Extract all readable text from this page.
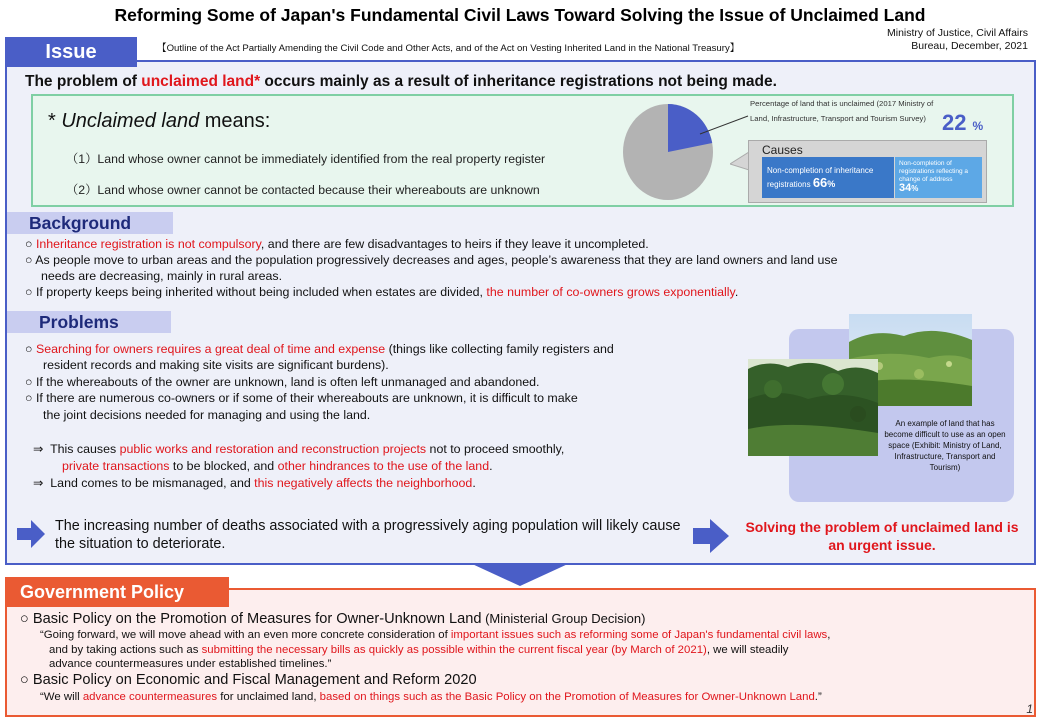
Reforming Some of Japan's Fundamental Civil Laws Toward Solving the Issue of Unclaimed Land
Ministry of Justice, Civil Affairs
Bureau, December, 2021
【Outline of the Act Partially Amending the Civil Code and Other Acts, and of the Act on Vesting Inherited Land in the National Treasury】
Issue
The problem of unclaimed land* occurs mainly as a result of inheritance registrations not being made.
* Unclaimed land means:
（1）Land whose owner cannot be immediately identified from the real property register
（2）Land whose owner cannot be contacted because their whereabouts are unknown
Percentage of land that is unclaimed (2017 Ministry of Land, Infrastructure, Transport and Tourism Survey) 22 %
Causes
Non-completion of inheritance registrations 66%
Non-completion of registrations reflecting a change of address
34%
Background
○ Inheritance registration is not compulsory, and there are few disadvantages to heirs if they leave it uncompleted.
○ As people move to urban areas and the population progressively decreases and ages, people’s awareness that they are land owners and land use
needs are decreasing, mainly in rural areas.
○ If property keeps being inherited without being included when estates are divided, the number of co-owners grows exponentially.
Problems
An example of land that has become difficult to use as an open space (Exhibit: Ministry of Land, Infrastructure, Transport and Tourism)
○ Searching for owners requires a great deal of time and expense (things like collecting family registers and
resident records and making site visits are significant burdens).
○ If the whereabouts of the owner are unknown, land is often left unmanaged and abandoned.
○ If there are numerous co-owners or if some of their whereabouts are unknown, it is difficult to make
the joint decisions needed for managing and using the land.
⇒ This causes public works and restoration and reconstruction projects not to proceed smoothly,
private transactions to be blocked, and other hindrances to the use of the land.
⇒ Land comes to be mismanaged, and this negatively affects the neighborhood.
The increasing number of deaths associated with a progressively aging population will likely cause the situation to deteriorate.
Solving the problem of unclaimed land is an urgent issue.
Government Policy
○ Basic Policy on the Promotion of Measures for Owner-Unknown Land (Ministerial Group Decision)
“Going forward, we will move ahead with an even more concrete consideration of important issues such as reforming some of Japan's fundamental civil laws,
and by taking actions such as submitting the necessary bills as quickly as possible within the current fiscal year (by March of 2021), we will steadily
advance countermeasures under established timelines.”
○ Basic Policy on Economic and Fiscal Management and Reform 2020
“We will advance countermeasures for unclaimed land, based on things such as the Basic Policy on the Promotion of Measures for Owner-Unknown Land.”
1
